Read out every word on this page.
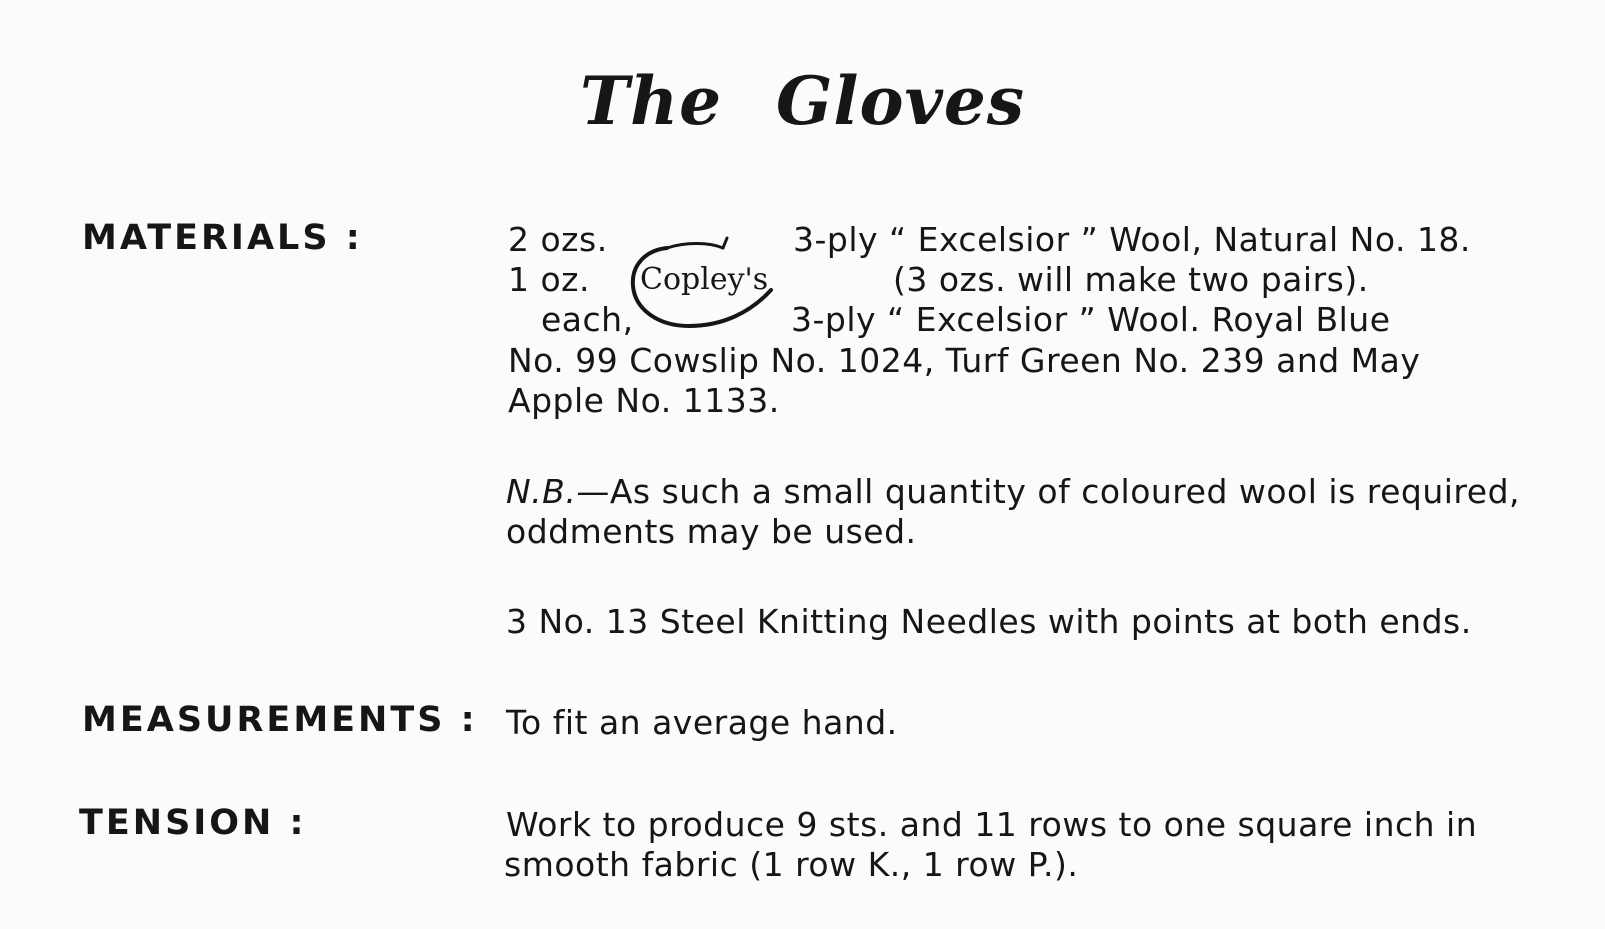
The Gloves
MATERIALS :	2 ozs.	3-ply “ Excelsior ” Wool, Natural No. 18.
1 oz.	(3 ozs. will make two pairs).
each,	3-ply “ Excelsior ” Wool. Royal Blue
Copley's
No. 99 Cowslip No. 1024, Turf Green No. 239 and May
Apple No. 1133.
N.B.—As such a small quantity of coloured wool is required,
oddments may be used.
3 No. 13 Steel Knitting Needles with points at both ends.
MEASUREMENTS : To fit an average hand.
TENSION :	Work to produce 9 sts. and 11 rows to one square inch in
smooth fabric (1 row K., 1 row P.).
